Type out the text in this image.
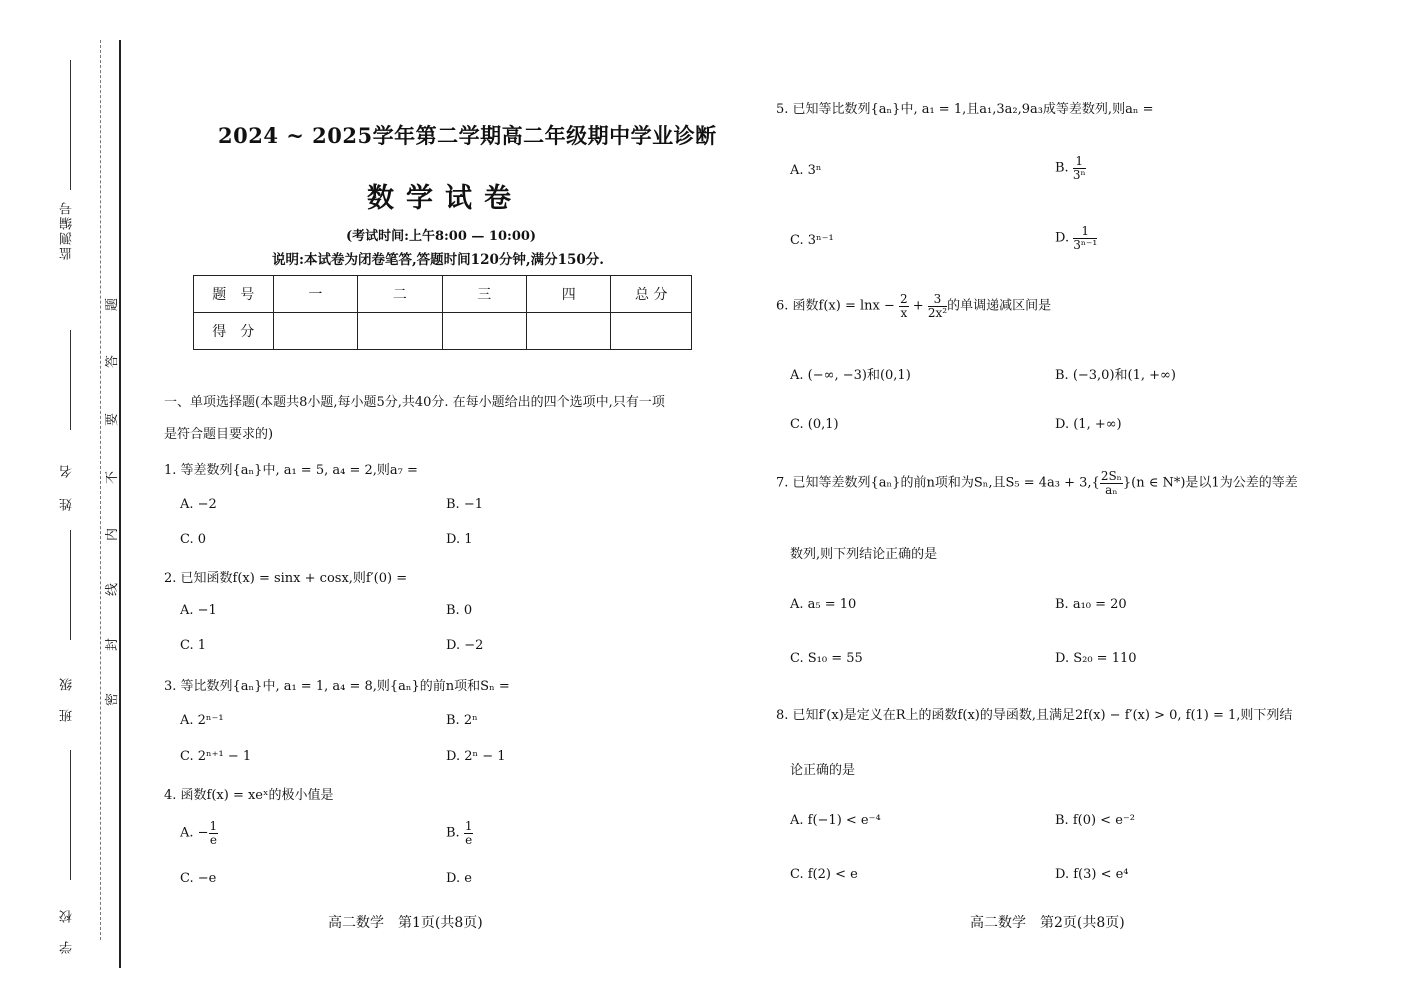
监测编号
姓名
班级
学校
题
答
要
不
内
线
封
密
2024 ~ 2025学年第二学期高二年级期中学业诊断
数学试卷
(考试时间:上午8:00 — 10:00)
说明:本试卷为闭卷笔答,答题时间120分钟,满分150分.
题　号	一	二	三	四	总 分
得　分					
一、单项选择题(本题共8小题,每小题5分,共40分. 在每小题给出的四个选项中,只有一项
是符合题目要求的)
1. 等差数列{aₙ}中, a₁ = 5, a₄ = 2,则a₇ =
A. −2	B. −1
C. 0	D. 1
2. 已知函数f(x) = sinx + cosx,则f′(0) =
A. −1	B. 0
C. 1	D. −2
3. 等比数列{aₙ}中, a₁ = 1, a₄ = 8,则{aₙ}的前n项和Sₙ =
A. 2ⁿ⁻¹	B. 2ⁿ
C. 2ⁿ⁺¹ − 1	D. 2ⁿ − 1
4. 函数f(x) = xeˣ的极小值是
A. − $\frac{1}{e}$	B. $\frac{1}{e}$
C. −e	D. e
高二数学　第1页(共8页)
5. 已知等比数列{aₙ}中, a₁ = 1,且a₁,3a₂,9a₃成等差数列,则aₙ =
A. 3ⁿ	B. $\frac{1}{\text{3ⁿ}}$
C. 3ⁿ⁻¹	D. $\frac{1}{\text{3ⁿ⁻¹}}$
6. 函数$f(x) = \ln x - \frac{2}{x} + \frac{3}{\text{2x²}}$ 的单调递减区间是
A. (−∞, −3)和(0,1)	B. (−3,0)和(1, +∞)
C. (0,1)	D. (1, +∞)
7. 已知等差数列{aₙ}的前n项和为Sₙ,且$S_5 = 4a_3 + 3,\{ \frac{\text{2Sₙ}}{\text{aₙ}} \}(n$ ∈ N*)是以1为公差的等差
数列,则下列结论正确的是
A. a₅ = 10	B. a₁₀ = 20
C. S₁₀ = 55	D. S₂₀ = 110
8. 已知f′(x)是定义在R上的函数f(x)的导函数,且满足2f(x) − f′(x) > 0, f(1) = 1,则下列结
论正确的是
A. f(−1) < e⁻⁴	B. f(0) < e⁻²
C. f(2) < e	D. f(3) < e⁴
高二数学　第2页(共8页)
